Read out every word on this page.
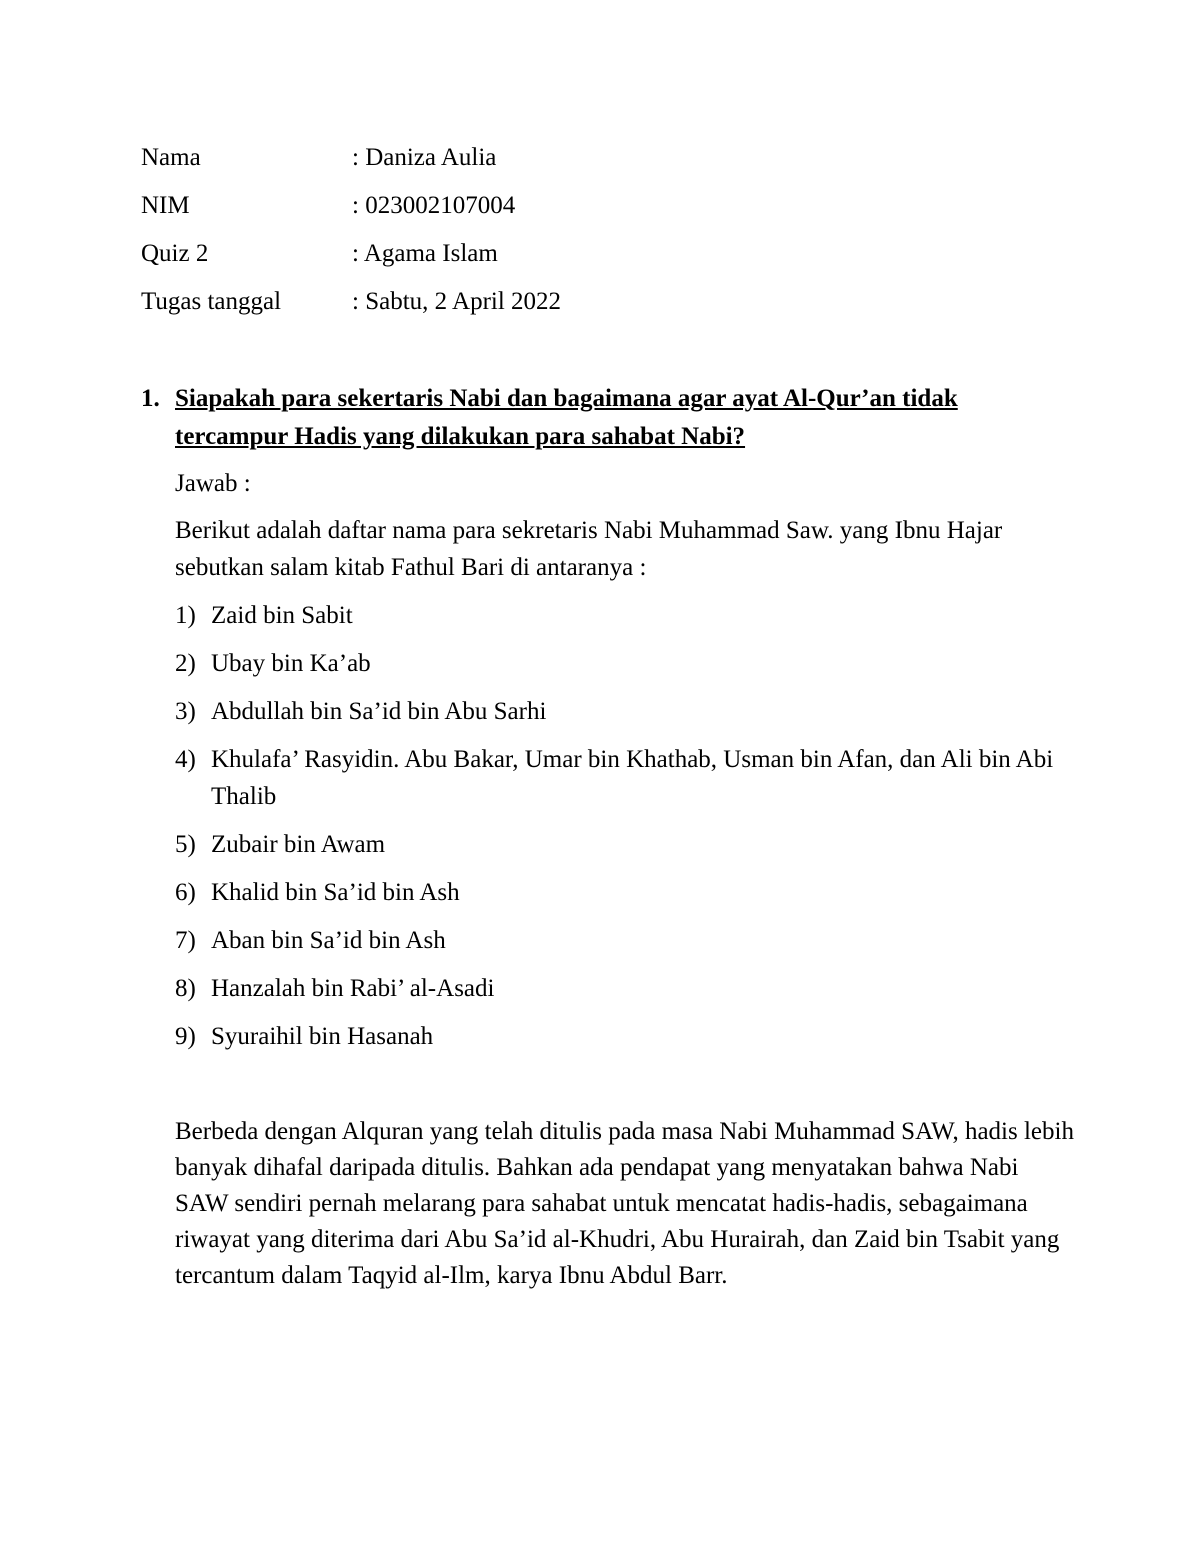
Nama	: Daniza Aulia
NIM	: 023002107004
Quiz 2	: Agama Islam
Tugas tanggal	: Sabtu, 2 April 2022
1. Siapakah para sekertaris Nabi dan bagaimana agar ayat Al-Qur’an tidak tercampur Hadis yang dilakukan para sahabat Nabi?
Jawab :
Berikut adalah daftar nama para sekretaris Nabi Muhammad Saw. yang Ibnu Hajar sebutkan salam kitab Fathul Bari di antaranya :
1) Zaid bin Sabit
2) Ubay bin Ka’ab
3) Abdullah bin Sa’id bin Abu Sarhi
4) Khulafa’ Rasyidin. Abu Bakar, Umar bin Khathab, Usman bin Afan, dan Ali bin Abi Thalib
5) Zubair bin Awam
6) Khalid bin Sa’id bin Ash
7) Aban bin Sa’id bin Ash
8) Hanzalah bin Rabi’ al-Asadi
9) Syuraihil bin Hasanah
Berbeda dengan Alquran yang telah ditulis pada masa Nabi Muhammad SAW, hadis lebih banyak dihafal daripada ditulis. Bahkan ada pendapat yang menyatakan bahwa Nabi SAW sendiri pernah melarang para sahabat untuk mencatat hadis-hadis, sebagaimana riwayat yang diterima dari Abu Sa’id al-Khudri, Abu Hurairah, dan Zaid bin Tsabit yang tercantum dalam Taqyid al-Ilm, karya Ibnu Abdul Barr.
